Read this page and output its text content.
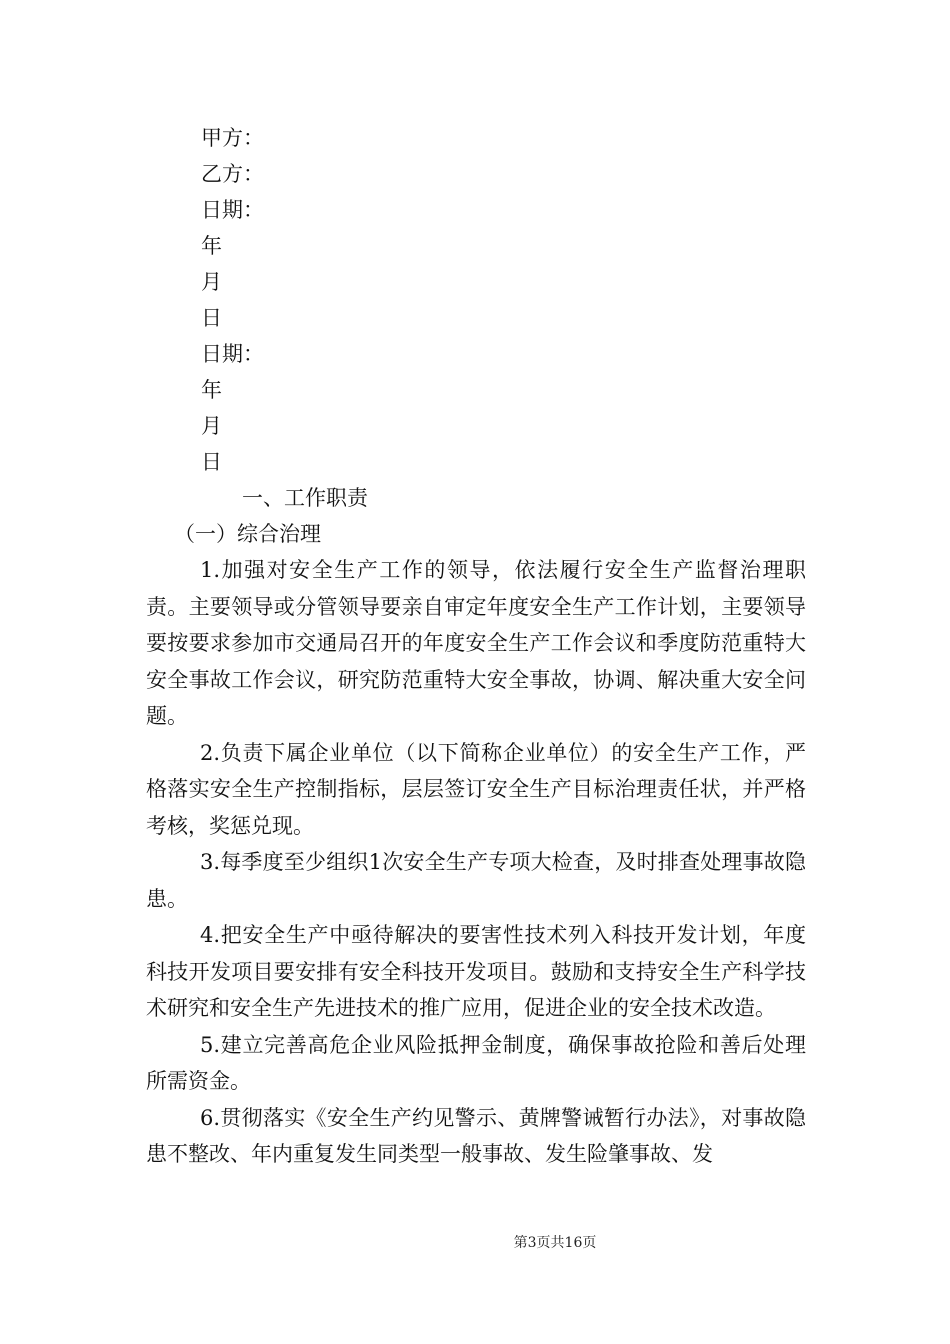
甲方：
乙方：
日期：
年
月
日
日期：
年
月
日
一、工作职责
（一）综合治理

1.加强对安全生产工作的领导，依法履行安全生产监督治理职责。主要领导或分管领导要亲自审定年度安全生产工作计划，主要领导要按要求参加市交通局召开的年度安全生产工作会议和季度防范重特大安全事故工作会议，研究防范重特大安全事故，协调、解决重大安全问题。

2.负责下属企业单位（以下简称企业单位）的安全生产工作，严格落实安全生产控制指标，层层签订安全生产目标治理责任状，并严格考核，奖惩兑现。

3.每季度至少组织1次安全生产专项大检查，及时排查处理事故隐患。

4.把安全生产中亟待解决的要害性技术列入科技开发计划，年度科技开发项目要安排有安全科技开发项目。鼓励和支持安全生产科学技术研究和安全生产先进技术的推广应用，促进企业的安全技术改造。

5.建立完善高危企业风险抵押金制度，确保事故抢险和善后处理所需资金。

6.贯彻落实《安全生产约见警示、黄牌警诫暂行办法》，对事故隐患不整改、年内重复发生同类型一般事故、发生险肇事故、发

第3页共16页
